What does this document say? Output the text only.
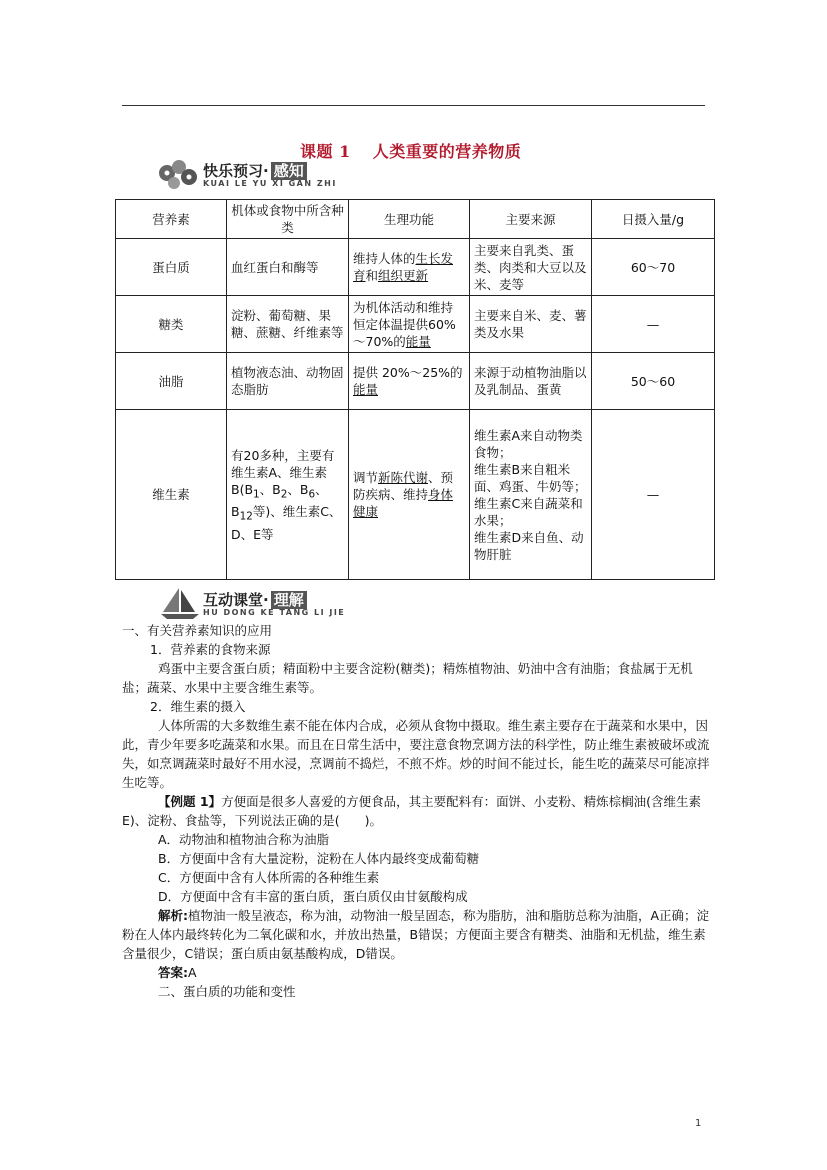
课题 1 人类重要的营养物质
快乐预习· 感知
KUAI LE YU XI GAN ZHI
营养素	机体或食物中所含种类	生理功能	主要来源	日摄入量/g
蛋白质	血红蛋白和酶等	维持人体的生长发育和组织更新	主要来自乳类、蛋类、肉类和大豆以及米、麦等	60～70
糖类	淀粉、葡萄糖、果糖、蔗糖、纤维素等	为机体活动和维持恒定体温提供60%～70%的能量	主要来自米、麦、薯类及水果	—
油脂	植物液态油、动物固态脂肪	提供 20%～25%的能量	来源于动植物油脂以及乳制品、蛋黄	50～60
维生素	有20多种，主要有维生素A、维生素$B(B_1$、$B_2$、$B_6$、$B_{12}$等)、维生素C、D、E等	调节新陈代谢、预防疾病、维持身体健康	维生素A来自动物类食物；
维生素B来自粗米面、鸡蛋、牛奶等；
维生素C来自蔬菜和水果；
维生素D来自鱼、动物肝脏	—
互动课堂· 理解
HU DONG KE TANG LI JIE

一、有关营养素知识的应用

1．营养素的食物来源

鸡蛋中主要含蛋白质；精面粉中主要含淀粉(糖类)；精炼植物油、奶油中含有油脂；食盐属于无机盐；蔬菜、水果中主要含维生素等。

2．维生素的摄入

人体所需的大多数维生素不能在体内合成，必须从食物中摄取。维生素主要存在于蔬菜和水果中，因此，青少年要多吃蔬菜和水果。而且在日常生活中，要注意食物烹调方法的科学性，防止维生素被破坏或流失，如烹调蔬菜时最好不用水浸，烹调前不捣烂，不煎不炸。炒的时间不能过长，能生吃的蔬菜尽可能凉拌生吃等。

【例题 1】方便面是很多人喜爱的方便食品，其主要配料有：面饼、小麦粉、精炼棕榈油(含维生素E)、淀粉、食盐等，下列说法正确的是(　　)。

A．动物油和植物油合称为油脂

B．方便面中含有大量淀粉，淀粉在人体内最终变成葡萄糖

C．方便面中含有人体所需的各种维生素

D．方便面中含有丰富的蛋白质，蛋白质仅由甘氨酸构成

解析:植物油一般呈液态，称为油，动物油一般呈固态，称为脂肪，油和脂肪总称为油脂，A正确；淀粉在人体内最终转化为二氧化碳和水，并放出热量，B错误；方便面主要含有糖类、油脂和无机盐，维生素含量很少，C错误；蛋白质由氨基酸构成，D错误。

答案:A

二、蛋白质的功能和变性

1
